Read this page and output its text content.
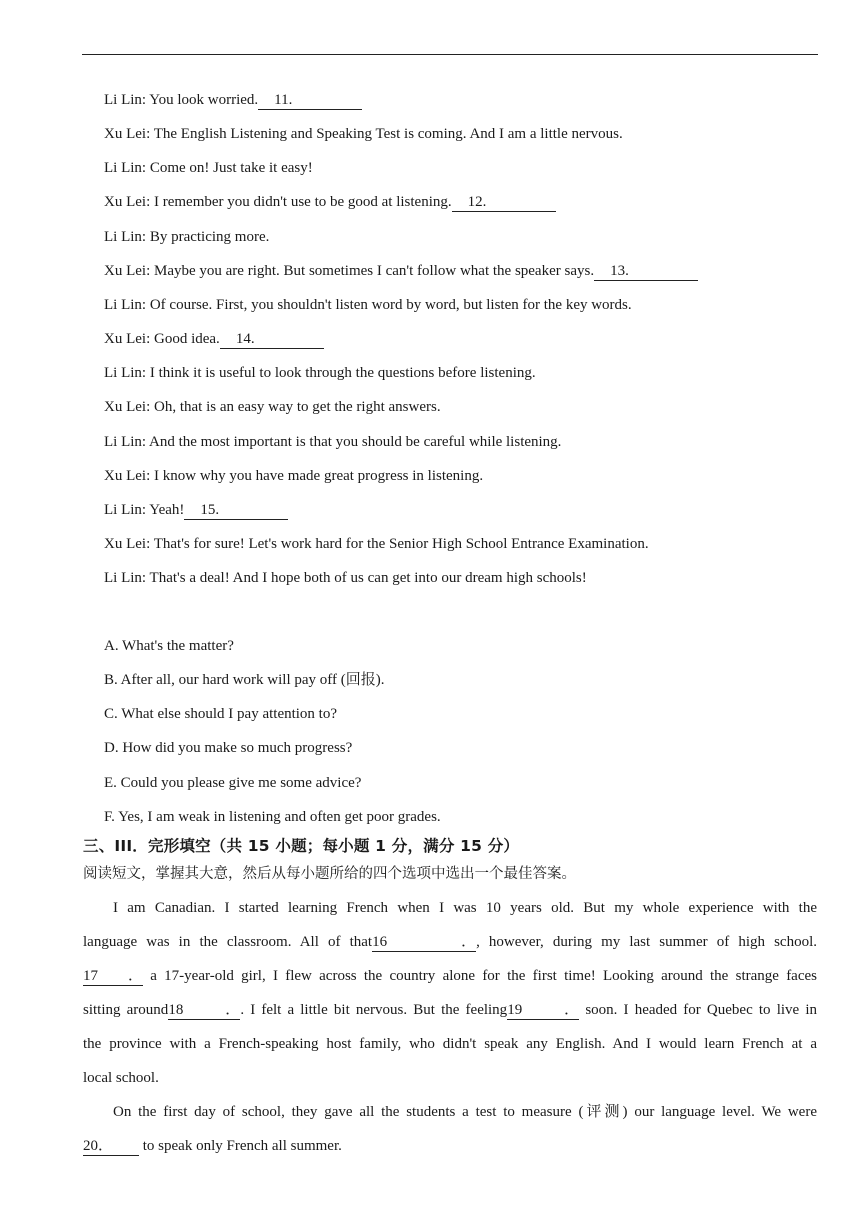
Li Lin: You look worried. 11.
Xu Lei: The English Listening and Speaking Test is coming. And I am a little nervous.
Li Lin: Come on! Just take it easy!
Xu Lei: I remember you didn't use to be good at listening. 12.
Li Lin: By practicing more.
Xu Lei: Maybe you are right. But sometimes I can't follow what the speaker says. 13.
Li Lin: Of course. First, you shouldn't listen word by word, but listen for the key words.
Xu Lei: Good idea. 14.
Li Lin: I think it is useful to look through the questions before listening.
Xu Lei: Oh, that is an easy way to get the right answers.
Li Lin: And the most important is that you should be careful while listening.
Xu Lei: I know why you have made great progress in listening.
Li Lin: Yeah! 15.
Xu Lei: That's for sure! Let's work hard for the Senior High School Entrance Examination.
Li Lin: That's a deal! And I hope both of us can get into our dream high schools!
A. What's the matter?
B. After all, our hard work will pay off (回报).
C. What else should I pay attention to?
D. How did you make so much progress?
E. Could you please give me some advice?
F. Yes, I am weak in listening and often get poor grades.
三、III．完形填空（共 15 小题；每小题 1 分，满分 15 分）
阅读短文，掌握其大意，然后从每小题所给的四个选项中选出一个最佳答案。
I am Canadian. I started learning French when I was 10 years old. But my whole experience with the
language was in the classroom. All of that16．, however, during my last summer of high school.
17． a 17-year-old girl, I flew across the country alone for the first time! Looking around the strange faces
sitting around18．. I felt a little bit nervous. But the feeling19． soon. I headed for Quebec to live in
the province with a French-speaking host family, who didn't speak any English. And I would learn French at a
local school.
On the first day of school, they gave all the students a test to measure (评测) our language level. We were
20． to speak only French all summer.
